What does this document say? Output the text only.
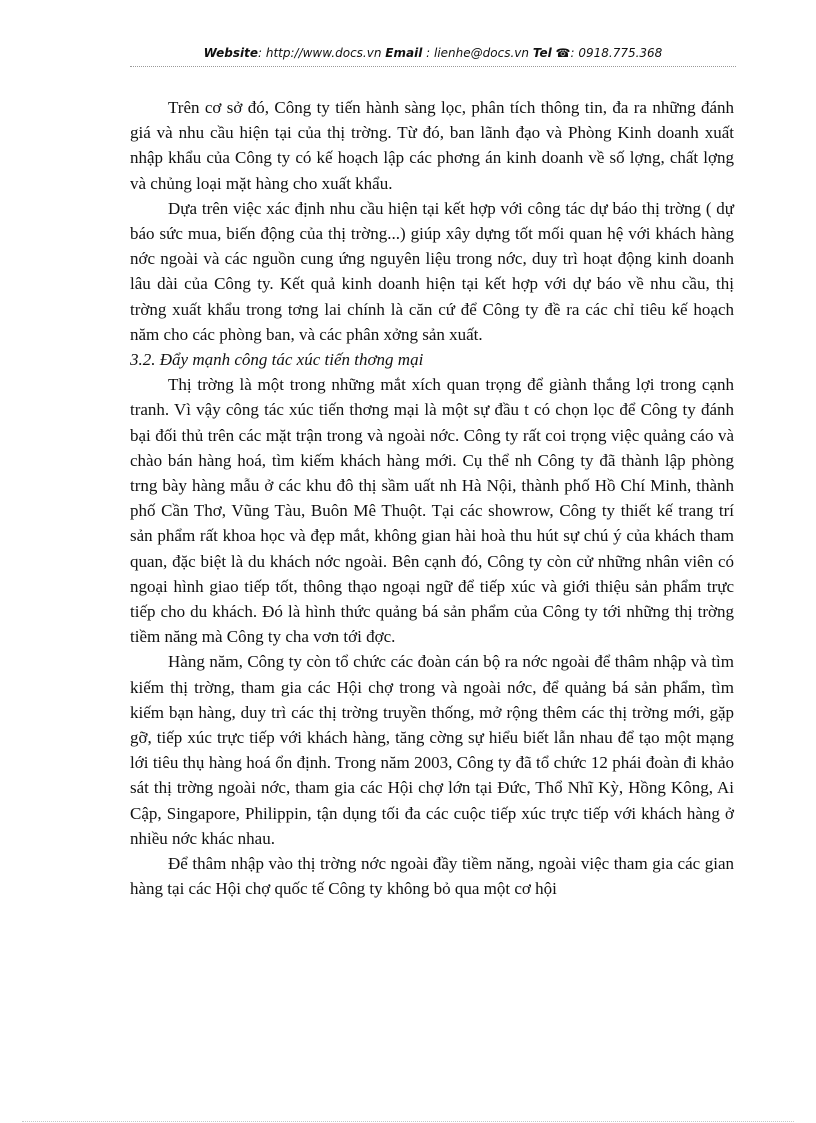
Website: http://www.docs.vn Email : lienhe@docs.vn Tel ☎: 0918.775.368

Trên cơ sở đó, Công ty tiến hành sàng lọc, phân tích thông tin, đa ra những đánh giá và nhu cầu hiện tại của thị trờng. Từ đó, ban lãnh đạo và Phòng Kinh doanh xuất nhập khẩu của Công ty có kế hoạch lập các phơng án kinh doanh về số lợng, chất lợng và chủng loại mặt hàng cho xuất khẩu.

Dựa trên việc xác định nhu cầu hiện tại kết hợp với công tác dự báo thị trờng ( dự báo sức mua, biến động của thị trờng...) giúp xây dựng tốt mối quan hệ với khách hàng nớc ngoài và các nguồn cung ứng nguyên liệu trong nớc, duy trì hoạt động kinh doanh lâu dài của Công ty. Kết quả kinh doanh hiện tại kết hợp với dự báo về nhu cầu, thị trờng xuất khẩu trong tơng lai chính là căn cứ để Công ty đề ra các chỉ tiêu kế hoạch năm cho các phòng ban, và các phân xởng sản xuất.

3.2. Đẩy mạnh công tác xúc tiến thơng mại

Thị trờng là một trong những mắt xích quan trọng để giành thắng lợi trong cạnh tranh. Vì vậy công tác xúc tiến thơng mại là một sự đầu t có chọn lọc để Công ty đánh bại đối thủ trên các mặt trận trong và ngoài nớc. Công ty rất coi trọng việc quảng cáo và chào bán hàng hoá, tìm kiếm khách hàng mới. Cụ thể nh Công ty đã thành lập phòng trng bày hàng mẫu ở các khu đô thị sầm uất nh Hà Nội, thành phố Hồ Chí Minh, thành phố Cần Thơ, Vũng Tàu, Buôn Mê Thuột. Tại các showrow, Công ty thiết kế trang trí sản phẩm rất khoa học và đẹp mắt, không gian hài hoà thu hút sự chú ý của khách tham quan, đặc biệt là du khách nớc ngoài. Bên cạnh đó, Công ty còn cử những nhân viên có ngoại hình giao tiếp tốt, thông thạo ngoại ngữ để tiếp xúc và giới thiệu sản phẩm trực tiếp cho du khách. Đó là hình thức quảng bá sản phẩm của Công ty tới những thị trờng tiềm năng mà Công ty cha vơn tới đợc.

Hàng năm, Công ty còn tổ chức các đoàn cán bộ ra nớc ngoài để thâm nhập và tìm kiếm thị trờng, tham gia các Hội chợ trong và ngoài nớc, để quảng bá sản phẩm, tìm kiếm bạn hàng, duy trì các thị trờng truyền thống, mở rộng thêm các thị trờng mới, gặp gỡ, tiếp xúc trực tiếp với khách hàng, tăng cờng sự hiểu biết lẫn nhau để tạo một mạng lới tiêu thụ hàng hoá ổn định. Trong năm 2003, Công ty đã tổ chức 12 phái đoàn đi khảo sát thị trờng ngoài nớc, tham gia các Hội chợ lớn tại Đức, Thổ Nhĩ Kỳ, Hồng Kông, Ai Cập, Singapore, Philippin, tận dụng tối đa các cuộc tiếp xúc trực tiếp với khách hàng ở nhiều nớc khác nhau.

Để thâm nhập vào thị trờng nớc ngoài đầy tiềm năng, ngoài việc tham gia các gian hàng tại các Hội chợ quốc tế Công ty không bỏ qua một cơ hội
